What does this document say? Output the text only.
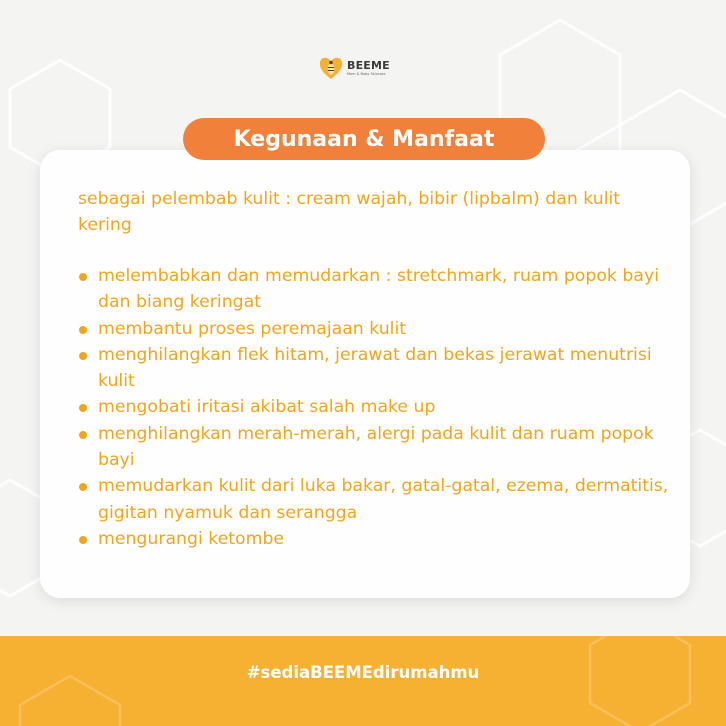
BEEME
Mom & Baby Skincare
Kegunaan & Manfaat

sebagai pelembab kulit : cream wajah, bibir (lipbalm) dan kulit kering

melembabkan dan memudarkan : stretchmark, ruam popok bayi dan biang keringat
membantu proses peremajaan kulit
menghilangkan flek hitam, jerawat dan bekas jerawat menutrisi kulit
mengobati iritasi akibat salah make up
menghilangkan merah-merah, alergi pada kulit dan ruam popok bayi
memudarkan kulit dari luka bakar, gatal-gatal, ezema, dermatitis, gigitan nyamuk dan serangga
mengurangi ketombe
#sediaBEEMEdirumahmu
